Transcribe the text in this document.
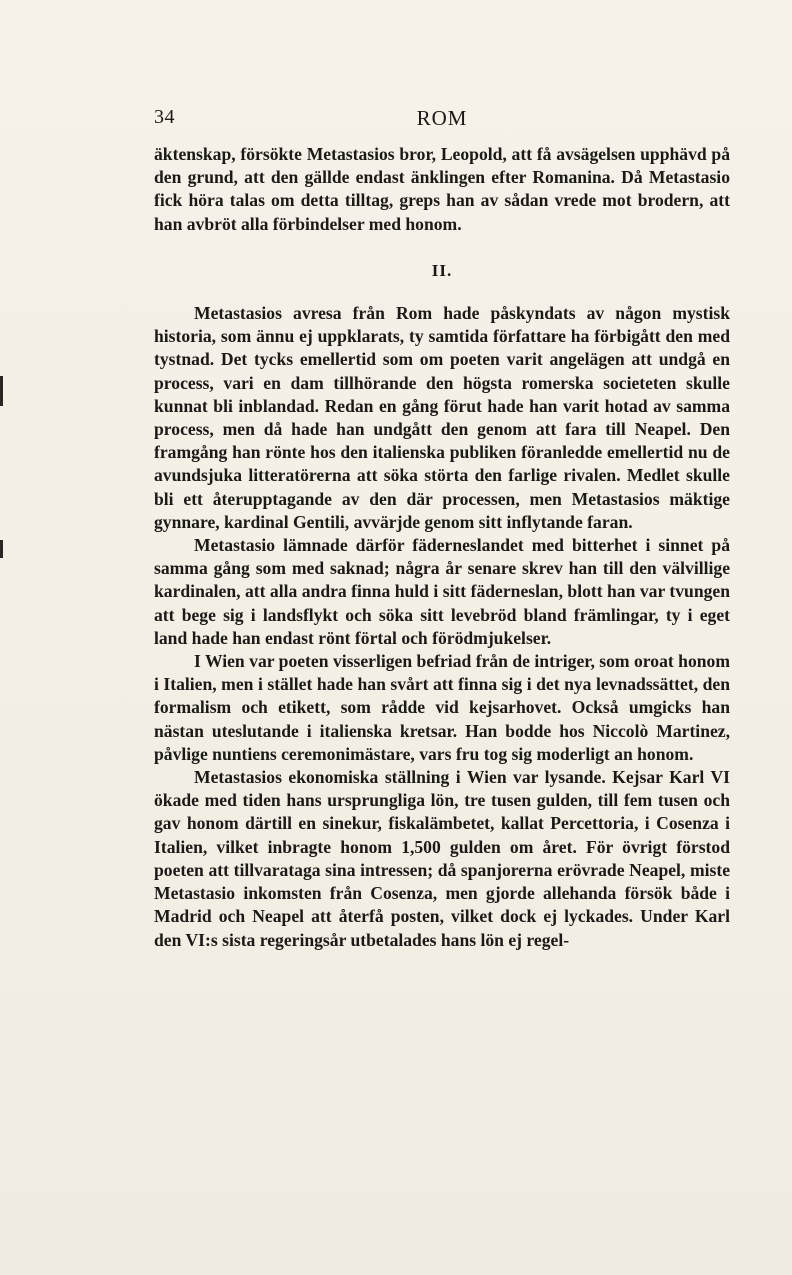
34	ROM

äktenskap, försökte Metastasios bror, Leopold, att få avsägelsen upphävd på den grund, att den gällde endast änklingen efter Romanina. Då Metastasio fick höra talas om detta tilltag, greps han av sådan vrede mot brodern, att han avbröt alla förbindelser med honom.

II.

Metastasios avresa från Rom hade påskyndats av någon mystisk historia, som ännu ej uppklarats, ty samtida författare ha förbigått den med tystnad. Det tycks emellertid som om poeten varit angelägen att undgå en process, vari en dam tillhörande den högsta romerska societeten skulle kunnat bli inblandad. Redan en gång förut hade han varit hotad av samma process, men då hade han undgått den genom att fara till Neapel. Den framgång han rönte hos den italienska publiken föranledde emellertid nu de avundsjuka litteratörerna att söka störta den farlige rivalen. Medlet skulle bli ett återupptagande av den där processen, men Metastasios mäktige gynnare, kardinal Gentili, avvärjde genom sitt inflytande faran.

Metastasio lämnade därför fäderneslandet med bitterhet i sinnet på samma gång som med saknad; några år senare skrev han till den välvillige kardinalen, att alla andra finna huld i sitt fäderneslan, blott han var tvungen att bege sig i landsflykt och söka sitt levebröd bland främlingar, ty i eget land hade han endast rönt förtal och förödmjukelser.

I Wien var poeten visserligen befriad från de intriger, som oroat honom i Italien, men i stället hade han svårt att finna sig i det nya levnadssättet, den formalism och etikett, som rådde vid kejsarhovet. Också umgicks han nästan uteslutande i italienska kretsar. Han bodde hos Niccolò Martinez, påvlige nuntiens ceremonimästare, vars fru tog sig moderligt an honom.

Metastasios ekonomiska ställning i Wien var lysande. Kejsar Karl VI ökade med tiden hans ursprungliga lön, tre tusen gulden, till fem tusen och gav honom därtill en sinekur, fiskalämbetet, kallat Percettoria, i Cosenza i Italien, vilket inbragte honom 1,500 gulden om året. För övrigt förstod poeten att tillvarataga sina intressen; då spanjorerna erövrade Neapel, miste Metastasio inkomsten från Cosenza, men gjorde allehanda försök både i Madrid och Neapel att återfå posten, vilket dock ej lyckades. Under Karl den VI:s sista regeringsår utbetalades hans lön ej regel-
